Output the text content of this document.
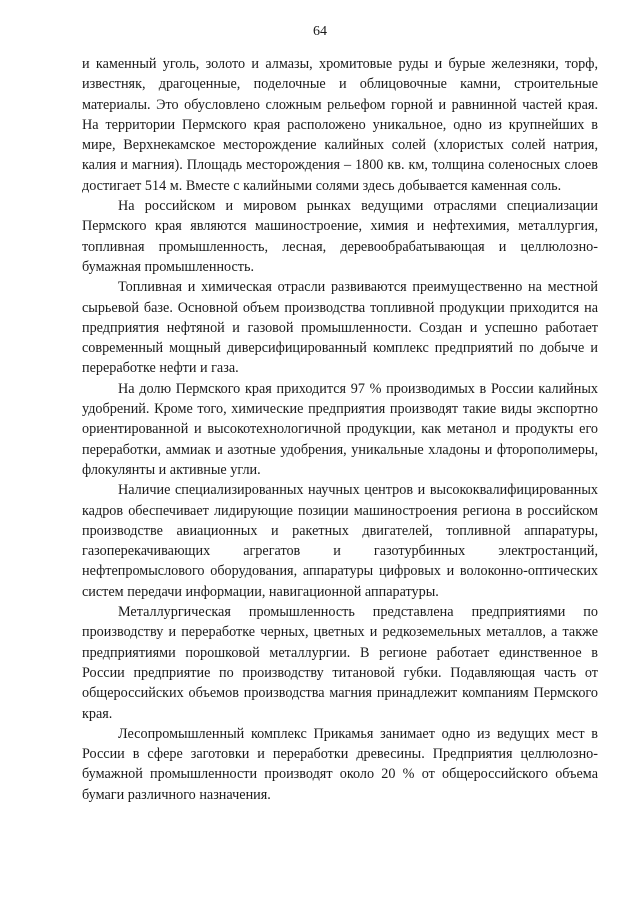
64

и каменный уголь, золото и алмазы, хромитовые руды и бурые железняки, торф, известняк, драгоценные, поделочные и облицовочные камни, строительные материалы. Это обусловлено сложным рельефом горной и равнинной частей края. На территории Пермского края расположено уникальное, одно из крупнейших в мире, Верхнекамское месторождение калийных солей (хлористых солей натрия, калия и магния). Площадь месторождения – 1800 кв. км, толщина соленосных слоев достигает 514 м. Вместе с калийными солями здесь добывается каменная соль.

На российском и мировом рынках ведущими отраслями специализации Пермского края являются машиностроение, химия и нефтехимия, металлургия, топливная промышленность, лесная, деревообрабатывающая и целлюлозно-бумажная промышленность.

Топливная и химическая отрасли развиваются преимущественно на местной сырьевой базе. Основной объем производства топливной продукции приходится на предприятия нефтяной и газовой промышленности. Создан и успешно работает современный мощный диверсифицированный комплекс предприятий по добыче и переработке нефти и газа.

На долю Пермского края приходится 97 % производимых в России калийных удобрений. Кроме того, химические предприятия производят такие виды экспортно ориентированной и высокотехнологичной продукции, как метанол и продукты его переработки, аммиак и азотные удобрения, уникальные хладоны и фторополимеры, флокулянты и активные угли.

Наличие специализированных научных центров и высококвалифицированных кадров обеспечивает лидирующие позиции машиностроения региона в российском производстве авиационных и ракетных двигателей, топливной аппаратуры, газоперекачивающих агрегатов и газотурбинных электростанций, нефтепромыслового оборудования, аппаратуры цифровых и волоконно-оптических систем передачи информации, навигационной аппаратуры.

Металлургическая промышленность представлена предприятиями по производству и переработке черных, цветных и редкоземельных металлов, а также предприятиями порошковой металлургии. В регионе работает единственное в России предприятие по производству титановой губки. Подавляющая часть от общероссийских объемов производства магния принадлежит компаниям Пермского края.

Лесопромышленный комплекс Прикамья занимает одно из ведущих мест в России в сфере заготовки и переработки древесины. Предприятия целлюлозно-бумажной промышленности производят около 20 % от общероссийского объема бумаги различного назначения.
